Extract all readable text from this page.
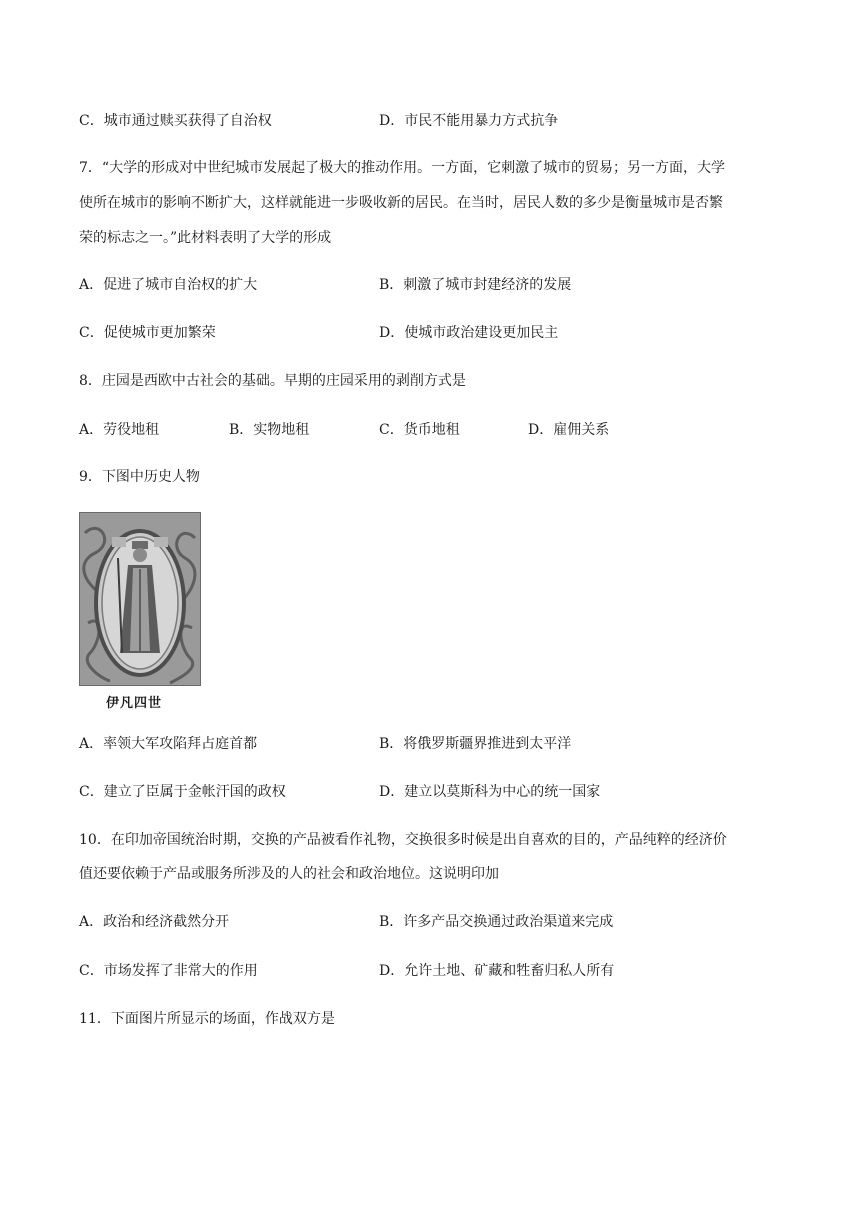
C．城市通过赎买获得了自治权	D．市民不能用暴力方式抗争
7．“大学的形成对中世纪城市发展起了极大的推动作用。一方面，它刺激了城市的贸易；另一方面，大学
使所在城市的影响不断扩大，这样就能进一步吸收新的居民。在当时，居民人数的多少是衡量城市是否繁
荣的标志之一。”此材料表明了大学的形成
A．促进了城市自治权的扩大	B．刺激了城市封建经济的发展
C．促使城市更加繁荣	D．使城市政治建设更加民主
8．庄园是西欧中古社会的基础。早期的庄园采用的剥削方式是
A．劳役地租	B．实物地租	C．货币地租	D．雇佣关系
9．下图中历史人物
伊凡四世
A．率领大军攻陷拜占庭首都	B．将俄罗斯疆界推进到太平洋
C．建立了臣属于金帐汗国的政权	D．建立以莫斯科为中心的统一国家
10．在印加帝国统治时期，交换的产品被看作礼物，交换很多时候是出自喜欢的目的，产品纯粹的经济价
值还要依赖于产品或服务所涉及的人的社会和政治地位。这说明印加
A．政治和经济截然分开	B．许多产品交换通过政治渠道来完成
C．市场发挥了非常大的作用	D．允许土地、矿藏和牲畜归私人所有
11．下面图片所显示的场面，作战双方是
